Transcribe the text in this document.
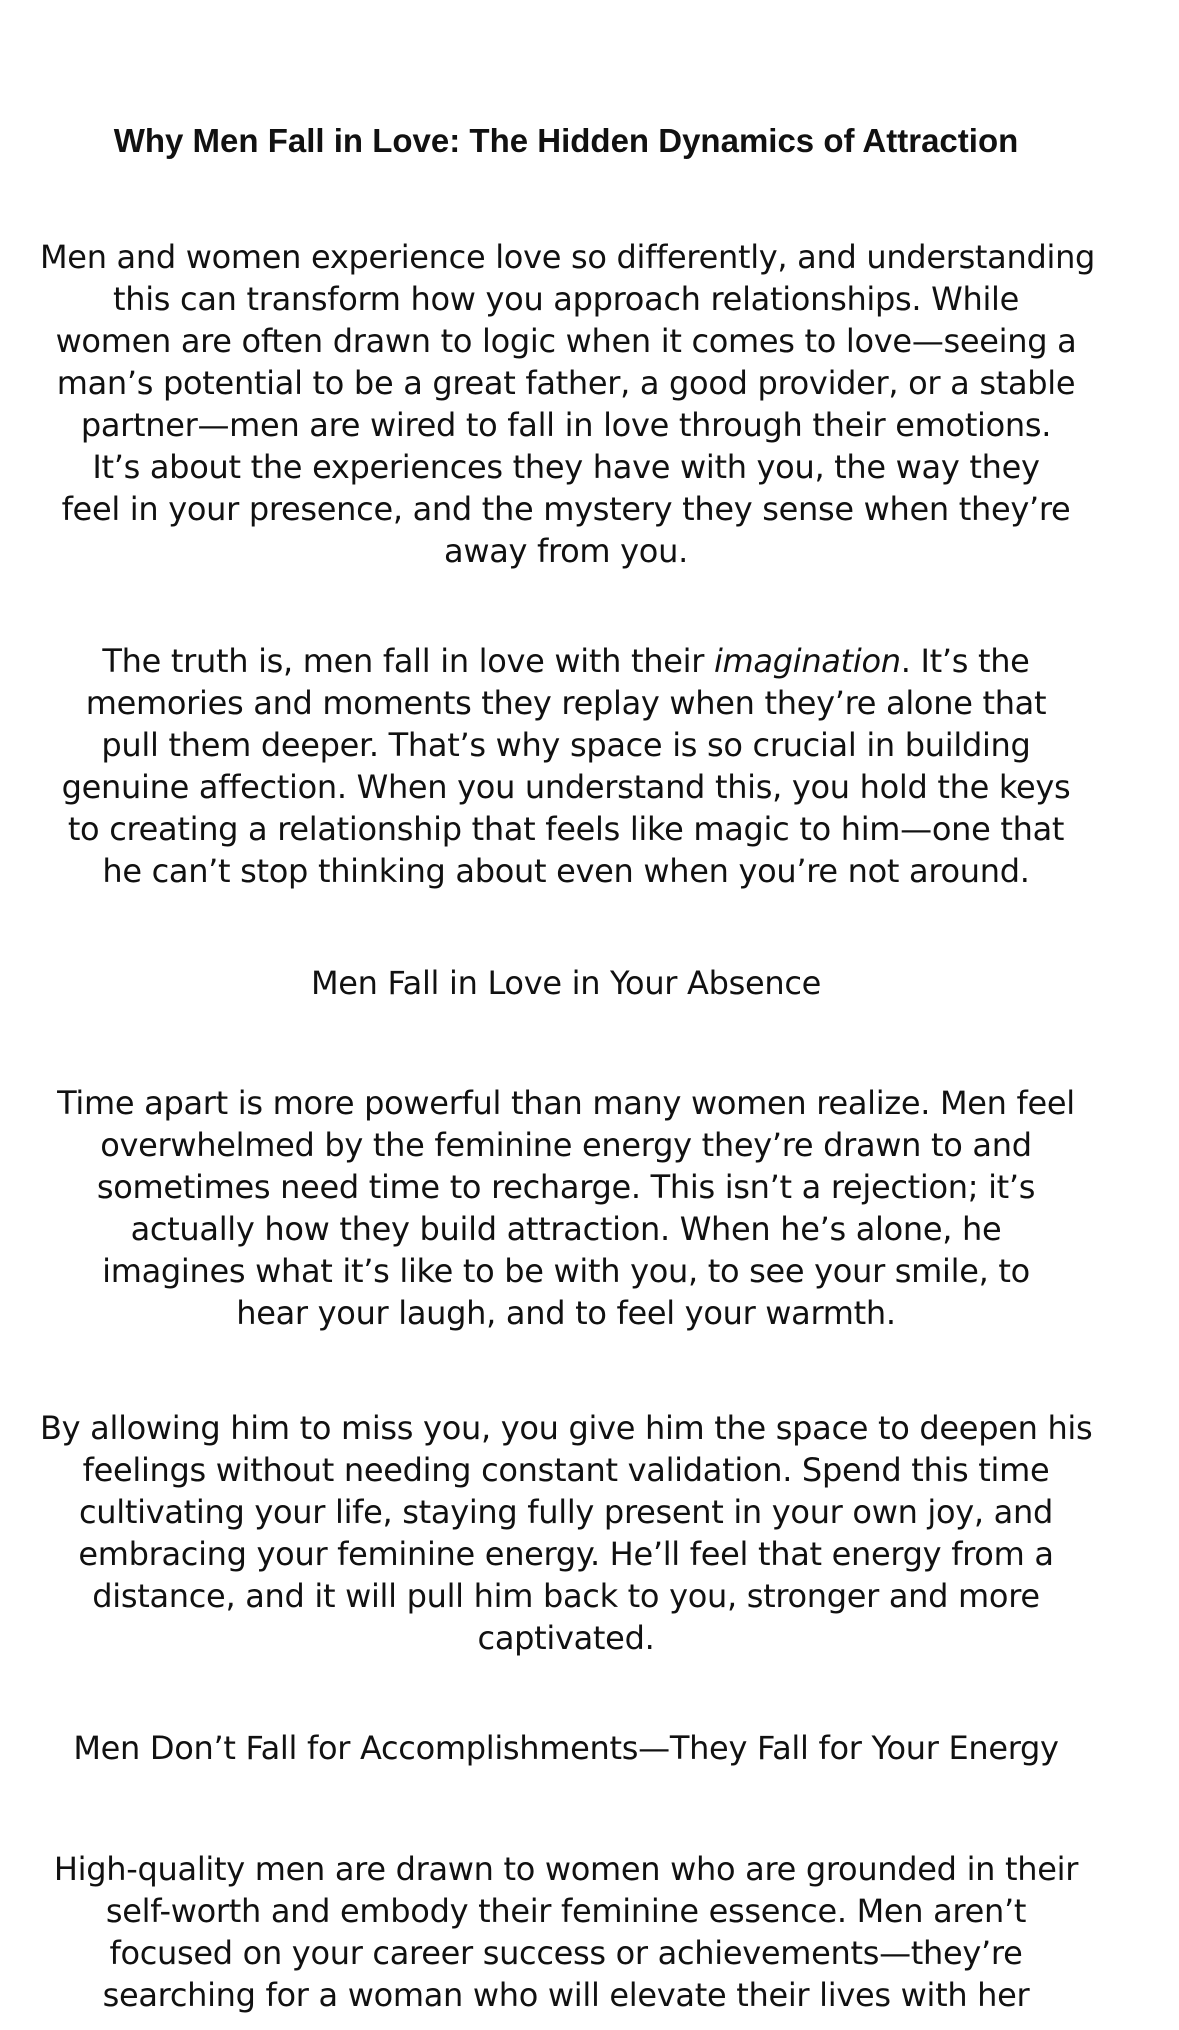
Why Men Fall in Love: The Hidden Dynamics of Attraction

Men and women experience love so differently, and understanding
this can transform how you approach relationships. While
women are often drawn to logic when it comes to love—seeing a
man’s potential to be a great father, a good provider, or a stable
partner—men are wired to fall in love through their emotions.
It’s about the experiences they have with you, the way they
feel in your presence, and the mystery they sense when they’re
away from you.

The truth is, men fall in love with their imagination. It’s the
memories and moments they replay when they’re alone that
pull them deeper. That’s why space is so crucial in building
genuine affection. When you understand this, you hold the keys
to creating a relationship that feels like magic to him—one that
he can’t stop thinking about even when you’re not around.

Men Fall in Love in Your Absence

Time apart is more powerful than many women realize. Men feel
overwhelmed by the feminine energy they’re drawn to and
sometimes need time to recharge. This isn’t a rejection; it’s
actually how they build attraction. When he’s alone, he
imagines what it’s like to be with you, to see your smile, to
hear your laugh, and to feel your warmth.

By allowing him to miss you, you give him the space to deepen his
feelings without needing constant validation. Spend this time
cultivating your life, staying fully present in your own joy, and
embracing your feminine energy. He’ll feel that energy from a
distance, and it will pull him back to you, stronger and more
captivated.

Men Don’t Fall for Accomplishments—They Fall for Your Energy

High-quality men are drawn to women who are grounded in their
self-worth and embody their feminine essence. Men aren’t
focused on your career success or achievements—they’re
searching for a woman who will elevate their lives with her
